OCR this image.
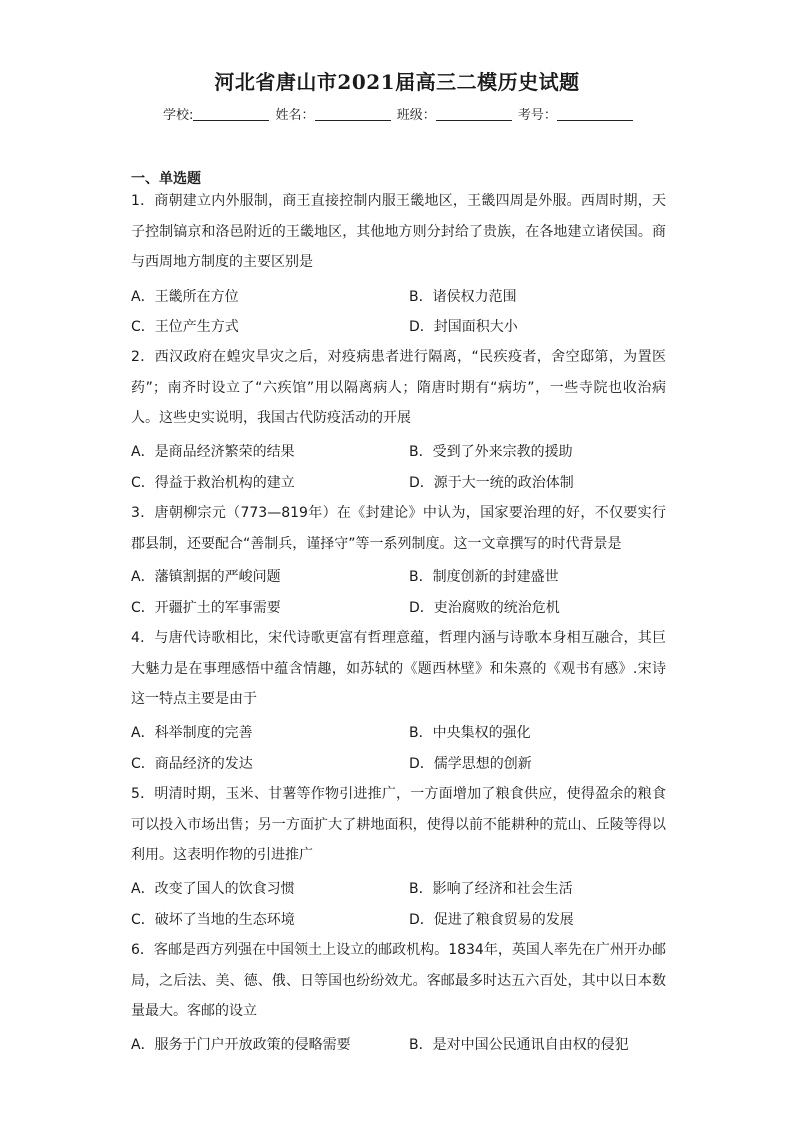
河北省唐山市2021届高三二模历史试题
学校:	姓名：	班级：	考号：
一、单选题
1．商朝建立内外服制，商王直接控制内服王畿地区，王畿四周是外服。西周时期，天子控制镐京和洛邑附近的王畿地区，其他地方则分封给了贵族，在各地建立诸侯国。商与西周地方制度的主要区别是
A．王畿所在方位	B．诸侯权力范围
C．王位产生方式	D．封国面积大小
2．西汉政府在蝗灾旱灾之后，对疫病患者进行隔离，“民疾疫者，舍空邸第，为置医药”；南齐时设立了“六疾馆”用以隔离病人；隋唐时期有“病坊”，一些寺院也收治病人。这些史实说明，我国古代防疫活动的开展
A．是商品经济繁荣的结果	B．受到了外来宗教的援助
C．得益于救治机构的建立	D．源于大一统的政治体制
3．唐朝柳宗元（773—819年）在《封建论》中认为，国家要治理的好，不仅要实行郡县制，还要配合“善制兵，谨择守”等一系列制度。这一文章撰写的时代背景是
A．藩镇割据的严峻问题	B．制度创新的封建盛世
C．开疆扩土的军事需要	D．吏治腐败的统治危机
4．与唐代诗歌相比，宋代诗歌更富有哲理意蕴，哲理内涵与诗歌本身相互融合，其巨大魅力是在事理感悟中蕴含情趣，如苏轼的《题西林壁》和朱熹的《观书有感》.宋诗这一特点主要是由于
A．科举制度的完善	B．中央集权的强化
C．商品经济的发达	D．儒学思想的创新
5．明清时期，玉米、甘薯等作物引进推广，一方面增加了粮食供应，使得盈余的粮食可以投入市场出售；另一方面扩大了耕地面积，使得以前不能耕种的荒山、丘陵等得以利用。这表明作物的引进推广
A．改变了国人的饮食习惯	B．影响了经济和社会生活
C．破坏了当地的生态环境	D．促进了粮食贸易的发展
6．客邮是西方列强在中国领土上设立的邮政机构。1834年，英国人率先在广州开办邮局，之后法、美、德、俄、日等国也纷纷效尤。客邮最多时达五六百处，其中以日本数量最大。客邮的设立
A．服务于门户开放政策的侵略需要	B．是对中国公民通讯自由权的侵犯
